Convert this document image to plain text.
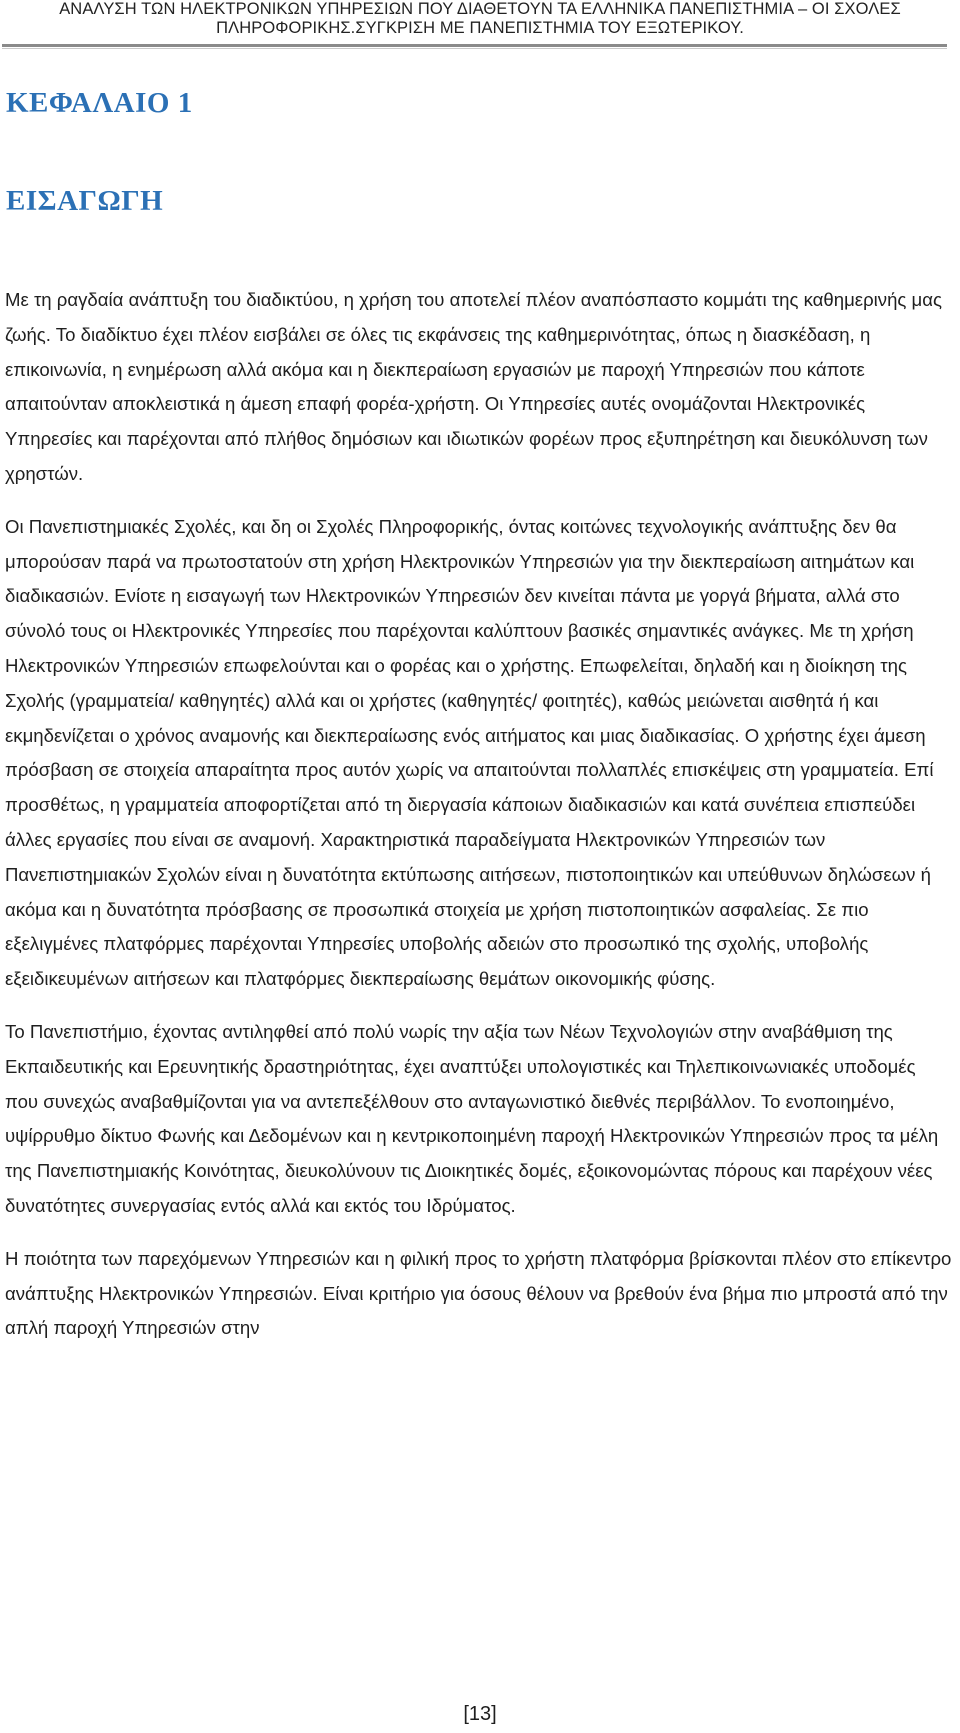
ΑΝΑΛΥΣΗ ΤΩΝ ΗΛΕΚΤΡΟΝΙΚΩΝ ΥΠΗΡΕΣΙΩΝ ΠΟΥ ΔΙΑΘΕΤΟΥΝ ΤΑ ΕΛΛΗΝΙΚΑ ΠΑΝΕΠΙΣΤΗΜΙΑ – ΟΙ ΣΧΟΛΕΣ
ΠΛΗΡΟΦΟΡΙΚΗΣ.ΣΥΓΚΡΙΣΗ ΜΕ ΠΑΝΕΠΙΣΤΗΜΙΑ ΤΟΥ ΕΞΩΤΕΡΙΚΟΥ.
ΚΕΦΑΛΑΙΟ 1
ΕΙΣΑΓΩΓΗ

Με τη ραγδαία ανάπτυξη του διαδικτύου, η χρήση του αποτελεί πλέον αναπόσπαστο κομμάτι της καθημερινής μας ζωής. Το διαδίκτυο έχει πλέον εισβάλει σε όλες τις εκφάνσεις της καθημερινότητας, όπως η διασκέδαση, η επικοινωνία, η ενημέρωση αλλά ακόμα και η διεκπεραίωση εργασιών με παροχή Υπηρεσιών που κάποτε απαιτούνταν αποκλειστικά η άμεση επαφή φορέα-χρήστη. Οι Υπηρεσίες αυτές ονομάζονται Ηλεκτρονικές Υπηρεσίες και παρέχονται από πλήθος δημόσιων και ιδιωτικών φορέων προς εξυπηρέτηση και διευκόλυνση των χρηστών.

Οι Πανεπιστημιακές Σχολές, και δη οι Σχολές Πληροφορικής, όντας κοιτώνες τεχνολογικής ανάπτυξης δεν θα μπορούσαν παρά να πρωτοστατούν στη χρήση Ηλεκτρονικών Υπηρεσιών για την διεκπεραίωση αιτημάτων και διαδικασιών. Ενίοτε η εισαγωγή των Ηλεκτρονικών Υπηρεσιών δεν κινείται πάντα με γοργά βήματα, αλλά στο σύνολό τους οι Ηλεκτρονικές Υπηρεσίες που παρέχονται καλύπτουν βασικές σημαντικές ανάγκες. Με τη χρήση Ηλεκτρονικών Υπηρεσιών επωφελούνται και ο φορέας και ο χρήστης. Επωφελείται, δηλαδή και η διοίκηση της Σχολής (γραμματεία/ καθηγητές) αλλά και οι χρήστες (καθηγητές/ φοιτητές), καθώς μειώνεται αισθητά ή και εκμηδενίζεται ο χρόνος αναμονής και διεκπεραίωσης ενός αιτήματος και μιας διαδικασίας. Ο χρήστης έχει άμεση πρόσβαση σε στοιχεία απαραίτητα προς αυτόν χωρίς να απαιτούνται πολλαπλές επισκέψεις στη γραμματεία. Επί προσθέτως, η γραμματεία αποφορτίζεται από τη διεργασία κάποιων διαδικασιών και κατά συνέπεια επισπεύδει άλλες εργασίες που είναι σε αναμονή. Χαρακτηριστικά παραδείγματα Ηλεκτρονικών Υπηρεσιών των Πανεπιστημιακών Σχολών είναι η δυνατότητα εκτύπωσης αιτήσεων, πιστοποιητικών και υπεύθυνων δηλώσεων ή ακόμα και η δυνατότητα πρόσβασης σε προσωπικά στοιχεία με χρήση πιστοποιητικών ασφαλείας. Σε πιο εξελιγμένες πλατφόρμες παρέχονται Υπηρεσίες υποβολής αδειών στο προσωπικό της σχολής, υποβολής εξειδικευμένων αιτήσεων και πλατφόρμες διεκπεραίωσης θεμάτων οικονομικής φύσης.

Το Πανεπιστήμιο, έχοντας αντιληφθεί από πολύ νωρίς την αξία των Νέων Τεχνολογιών στην αναβάθμιση της Εκπαιδευτικής και Ερευνητικής δραστηριότητας, έχει αναπτύξει υπολογιστικές και Τηλεπικοινωνιακές υποδομές που συνεχώς αναβαθμίζονται για να αντεπεξέλθουν στο ανταγωνιστικό διεθνές περιβάλλον. Το ενοποιημένο, υψίρρυθμο δίκτυο Φωνής και Δεδομένων και η κεντρικοποιημένη παροχή Ηλεκτρονικών Υπηρεσιών προς τα μέλη της Πανεπιστημιακής Κοινότητας, διευκολύνουν τις Διοικητικές δομές, εξοικονομώντας πόρους και παρέχουν νέες δυνατότητες συνεργασίας εντός αλλά και εκτός του Ιδρύματος.

Η ποιότητα των παρεχόμενων Υπηρεσιών και η φιλική προς το χρήστη πλατφόρμα βρίσκονται πλέον στο επίκεντρο ανάπτυξης Ηλεκτρονικών Υπηρεσιών. Είναι κριτήριο για όσους θέλουν να βρεθούν ένα βήμα πιο μπροστά από την απλή παροχή Υπηρεσιών στην

[13]
